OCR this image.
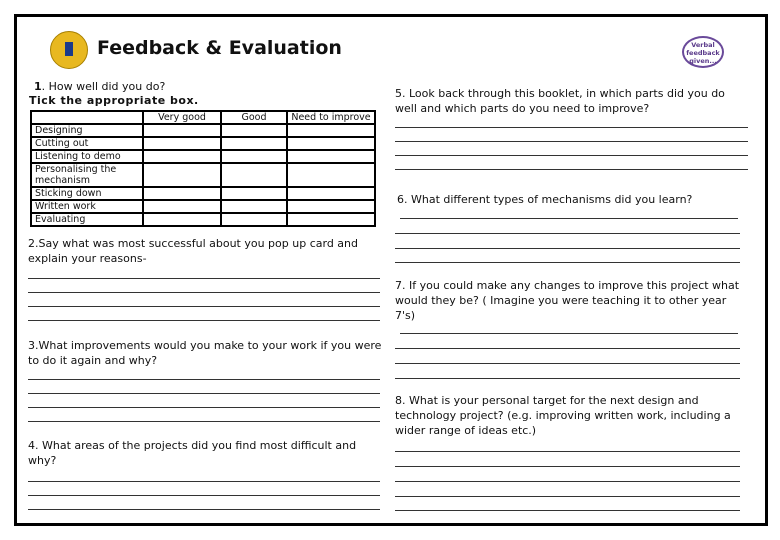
Feedback & Evaluation	Verbal feedback given...
1. How well did you do?
Tick the appropriate box.
	Very good	Good	Need to improve
Designing			
Cutting out			
Listening to demo			
Personalising the mechanism			
Sticking down			
Written work			
Evaluating			
2.Say what was most successful about you pop up card and explain your reasons-
3.What improvements would you make to your work if you were to do it again and why?
4. What areas of the projects did you find most difficult and why?
5. Look back through this booklet, in which parts did you do well and which parts do you need to improve?
6. What different types of mechanisms did you learn?
7. If you could make any changes to improve this project what would they be? ( Imagine you were teaching it to other year 7's)
8. What is your personal target for the next design and technology project? (e.g. improving written work, including a wider range of ideas etc.)
